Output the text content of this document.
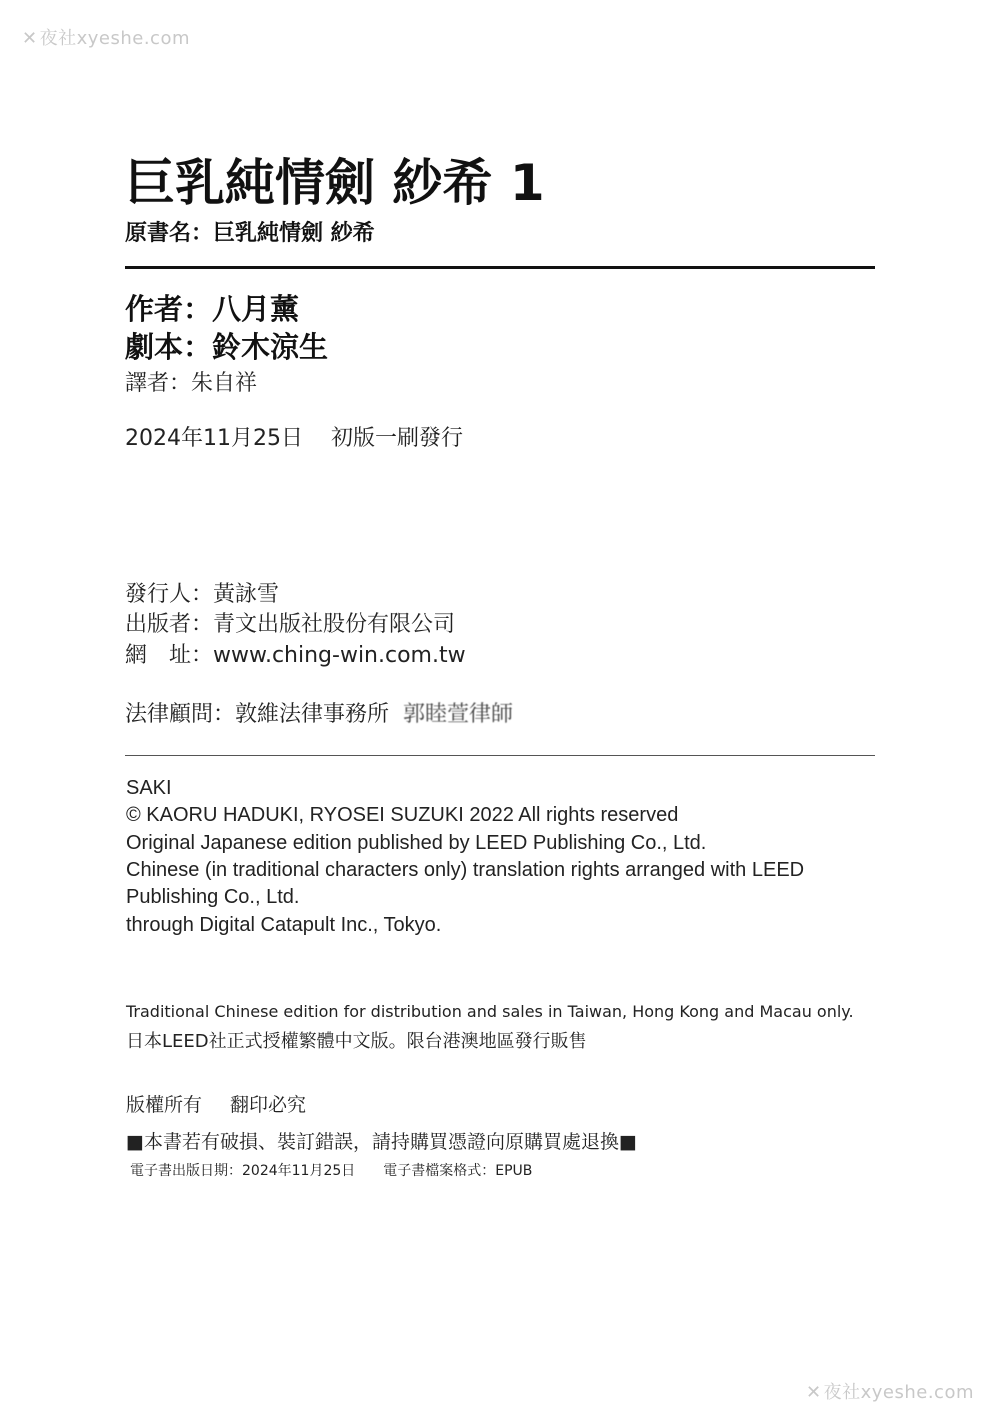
✕ 夜社xyeshe.com
巨乳純情劍 紗希 1
原書名：巨乳純情劍 紗希
作者：八月薰
劇本：鈴木涼生
譯者：朱自祥
2024年11月25日 初版一刷發行
發行人：黃詠雪
出版者：青文出版社股份有限公司
網　址：www.ching-win.com.tw
法律顧問：敦維法律事務所 郭睦萱律師
SAKI
© KAORU HADUKI, RYOSEI SUZUKI 2022 All rights reserved
Original Japanese edition published by LEED Publishing Co., Ltd.
Chinese (in traditional characters only) translation rights arranged with LEED
Publishing Co., Ltd.
through Digital Catapult Inc., Tokyo.
Traditional Chinese edition for distribution and sales in Taiwan, Hong Kong and Macau only.
日本LEED社正式授權繁體中文版。限台港澳地區發行販售
版權所有 翻印必究
■本書若有破損、裝訂錯誤，請持購買憑證向原購買處退換■
電子書出版日期：2024年11月25日 電子書檔案格式：EPUB
✕ 夜社xyeshe.com
